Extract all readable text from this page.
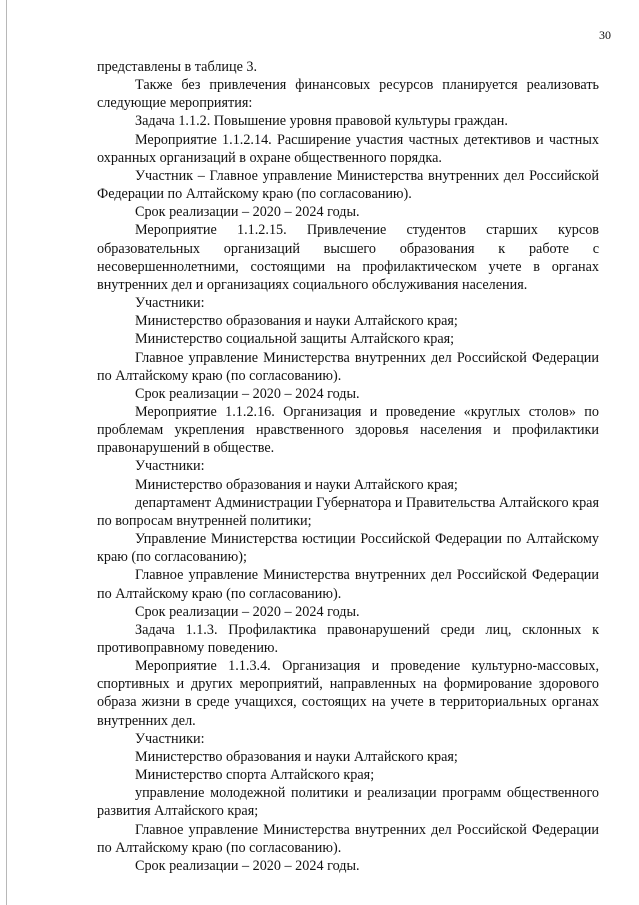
30

представлены в таблице 3.

Также без привлечения финансовых ресурсов планируется реализовать следующие мероприятия:

Задача 1.1.2. Повышение уровня правовой культуры граждан.

Мероприятие 1.1.2.14. Расширение участия частных детективов и частных охранных организаций в охране общественного порядка.

Участник – Главное управление Министерства внутренних дел Российской Федерации по Алтайскому краю (по согласованию).

Срок реализации – 2020 – 2024 годы.

Мероприятие 1.1.2.15. Привлечение студентов старших курсов образовательных организаций высшего образования к работе с несовершеннолетними, состоящими на профилактическом учете в органах внутренних дел и организациях социального обслуживания населения.

Участники:

Министерство образования и науки Алтайского края;

Министерство социальной защиты Алтайского края;

Главное управление Министерства внутренних дел Российской Федерации по Алтайскому краю (по согласованию).

Срок реализации – 2020 – 2024 годы.

Мероприятие 1.1.2.16. Организация и проведение «круглых столов» по проблемам укрепления нравственного здоровья населения и профилактики правонарушений в обществе.

Участники:

Министерство образования и науки Алтайского края;

департамент Администрации Губернатора и Правительства Алтайского края по вопросам внутренней политики;

Управление Министерства юстиции Российской Федерации по Алтайскому краю (по согласованию);

Главное управление Министерства внутренних дел Российской Федерации по Алтайскому краю (по согласованию).

Срок реализации – 2020 – 2024 годы.

Задача 1.1.3. Профилактика правонарушений среди лиц, склонных к противоправному поведению.

Мероприятие 1.1.3.4. Организация и проведение культурно-массовых, спортивных и других мероприятий, направленных на формирование здорового образа жизни в среде учащихся, состоящих на учете в территориальных органах внутренних дел.

Участники:

Министерство образования и науки Алтайского края;

Министерство спорта Алтайского края;

управление молодежной политики и реализации программ общественного развития Алтайского края;

Главное управление Министерства внутренних дел Российской Федерации по Алтайскому краю (по согласованию).

Срок реализации – 2020 – 2024 годы.
